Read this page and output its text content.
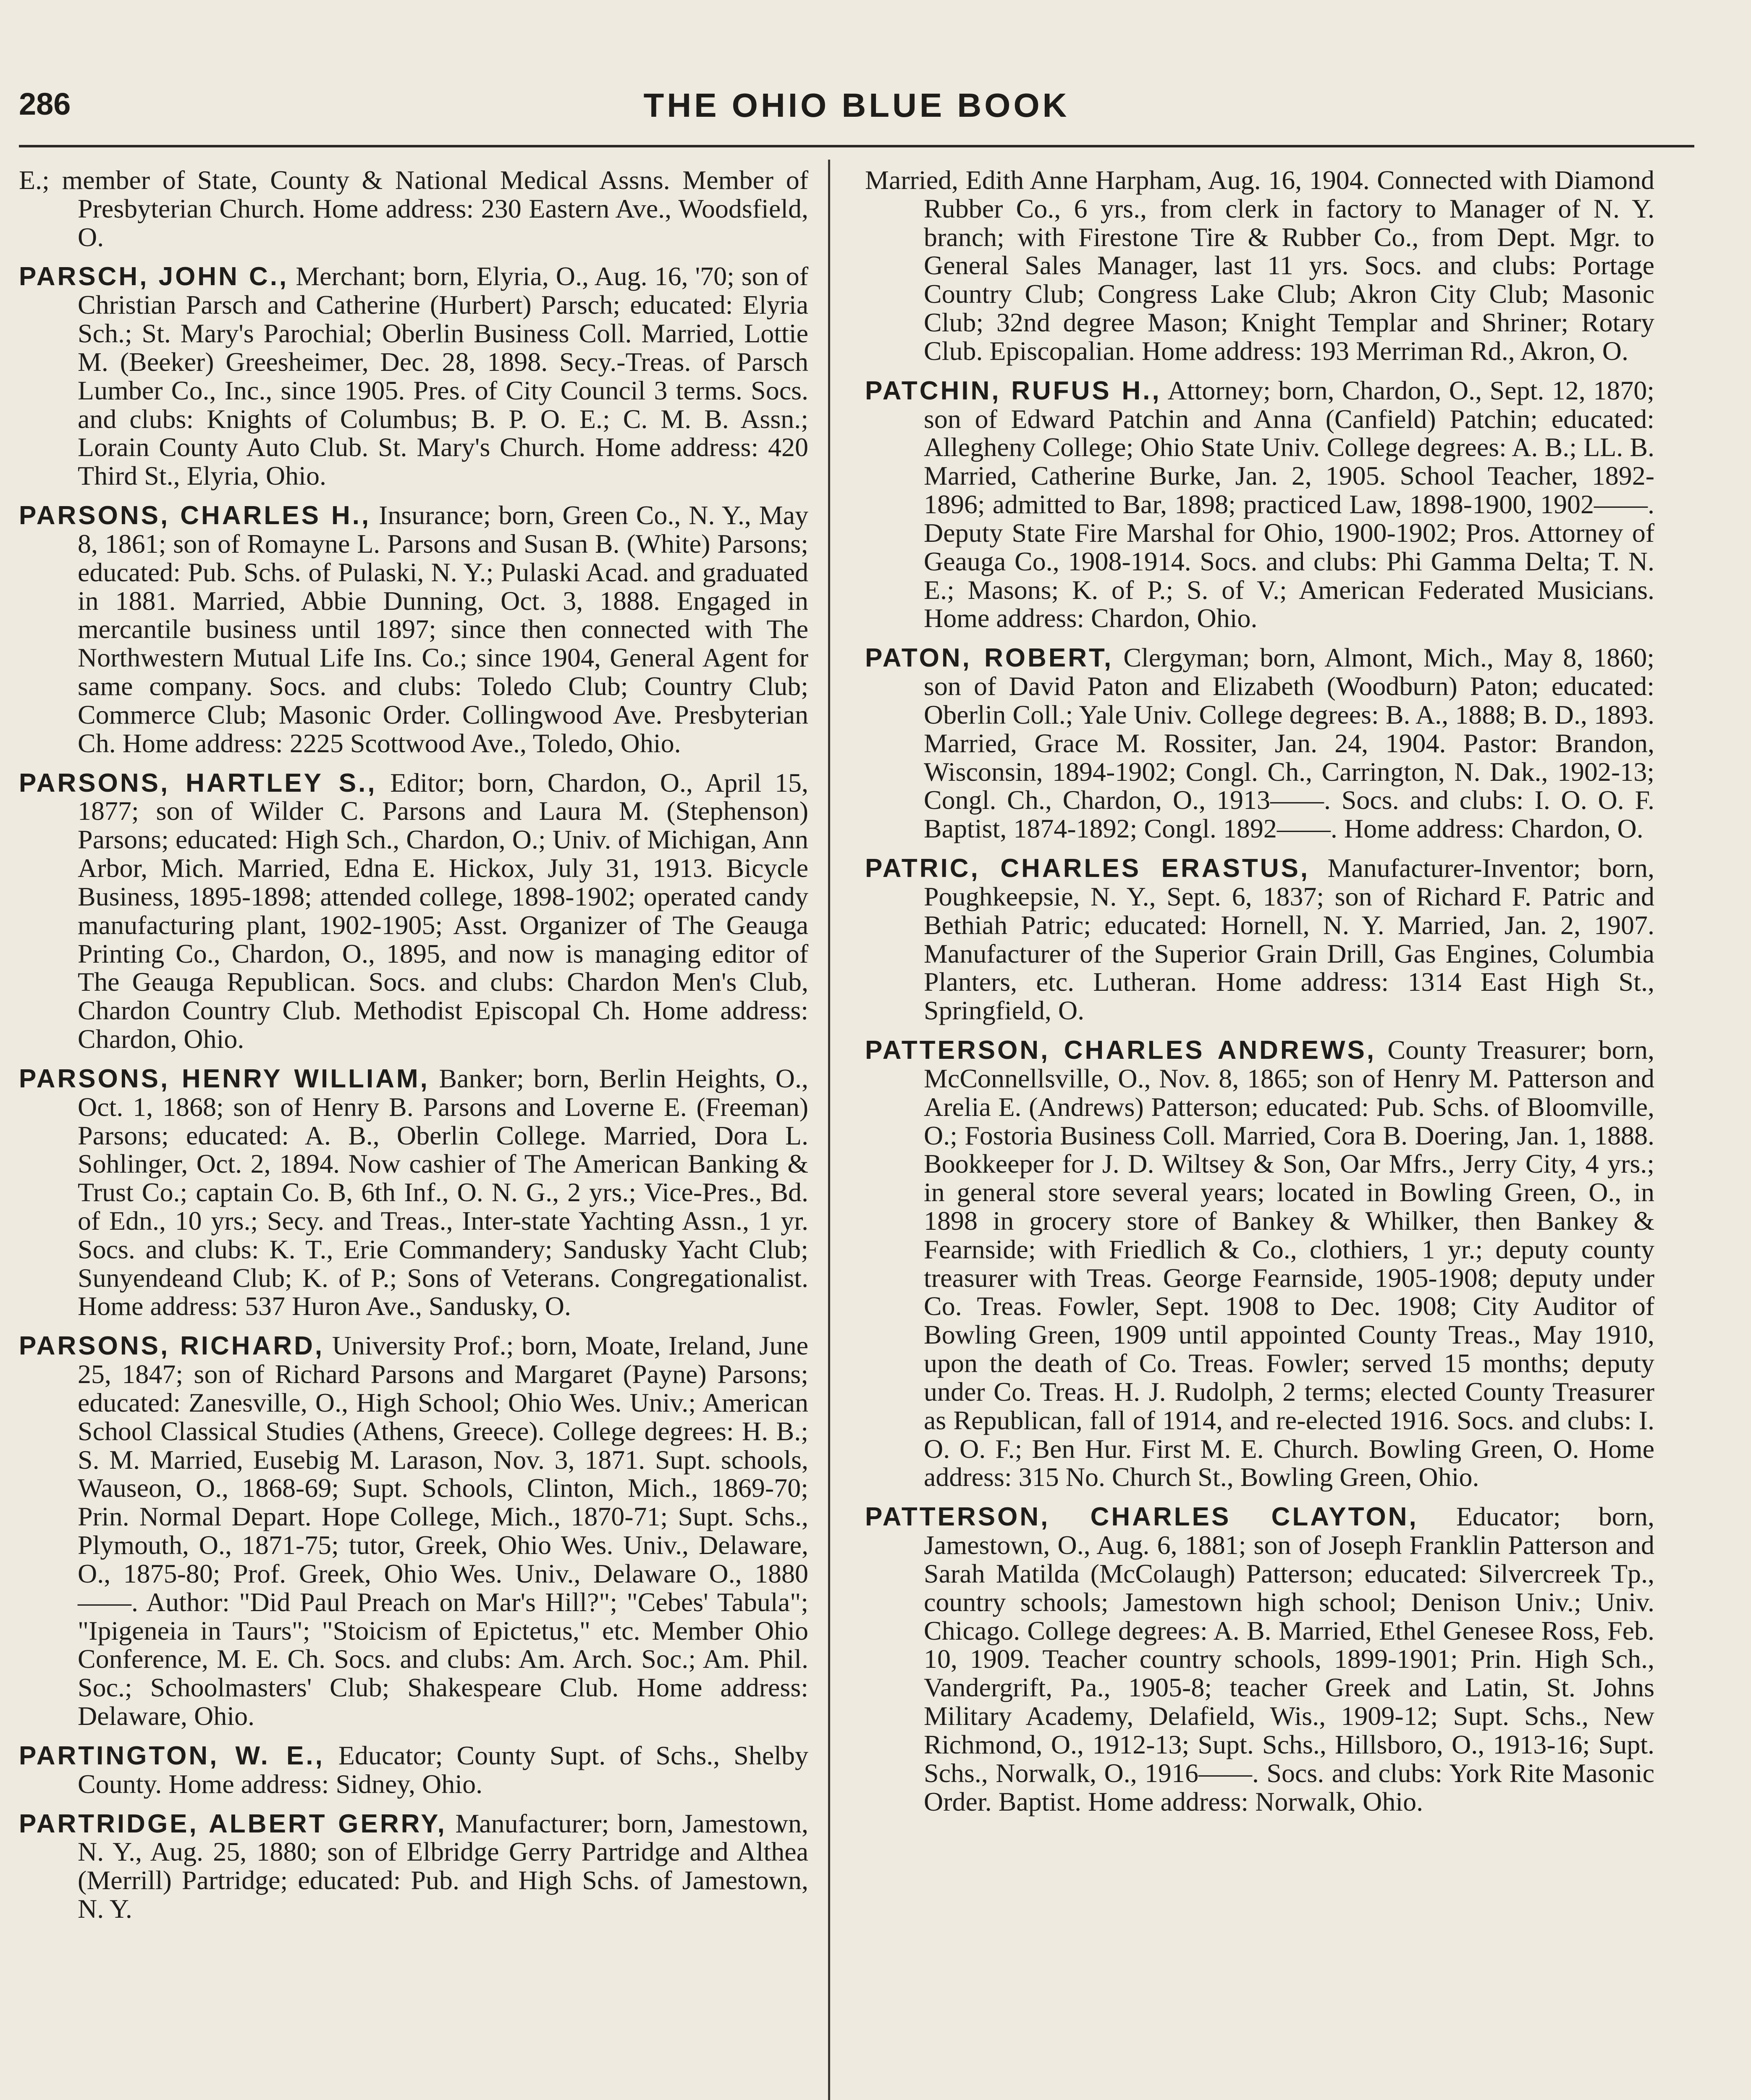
286	THE OHIO BLUE BOOK

E.; member of State, County & National Medical Assns. Member of Presbyterian Church. Home address: 230 Eastern Ave., Woodsfield, O.

PARSCH, JOHN C., Merchant; born, Elyria, O., Aug. 16, '70; son of Christian Parsch and Catherine (Hurbert) Parsch; educated: Elyria Sch.; St. Mary's Parochial; Oberlin Business Coll. Married, Lottie M. (Beeker) Greesheimer, Dec. 28, 1898. Secy.-Treas. of Parsch Lumber Co., Inc., since 1905. Pres. of City Council 3 terms. Socs. and clubs: Knights of Columbus; B. P. O. E.; C. M. B. Assn.; Lorain County Auto Club. St. Mary's Church. Home address: 420 Third St., Elyria, Ohio.

PARSONS, CHARLES H., Insurance; born, Green Co., N. Y., May 8, 1861; son of Romayne L. Parsons and Susan B. (White) Parsons; educated: Pub. Schs. of Pulaski, N. Y.; Pulaski Acad. and graduated in 1881. Married, Abbie Dunning, Oct. 3, 1888. Engaged in mercantile business until 1897; since then connected with The Northwestern Mutual Life Ins. Co.; since 1904, General Agent for same company. Socs. and clubs: Toledo Club; Country Club; Commerce Club; Masonic Order. Collingwood Ave. Presbyterian Ch. Home address: 2225 Scottwood Ave., Toledo, Ohio.

PARSONS, HARTLEY S., Editor; born, Chardon, O., April 15, 1877; son of Wilder C. Parsons and Laura M. (Stephenson) Parsons; educated: High Sch., Chardon, O.; Univ. of Michigan, Ann Arbor, Mich. Married, Edna E. Hickox, July 31, 1913. Bicycle Business, 1895-1898; attended college, 1898-1902; operated candy manufacturing plant, 1902-1905; Asst. Organizer of The Geauga Printing Co., Chardon, O., 1895, and now is managing editor of The Geauga Republican. Socs. and clubs: Chardon Men's Club, Chardon Country Club. Methodist Episcopal Ch. Home address: Chardon, Ohio.

PARSONS, HENRY WILLIAM, Banker; born, Berlin Heights, O., Oct. 1, 1868; son of Henry B. Parsons and Loverne E. (Freeman) Parsons; educated: A. B., Oberlin College. Married, Dora L. Sohlinger, Oct. 2, 1894. Now cashier of The American Banking & Trust Co.; captain Co. B, 6th Inf., O. N. G., 2 yrs.; Vice-Pres., Bd. of Edn., 10 yrs.; Secy. and Treas., Inter-state Yachting Assn., 1 yr. Socs. and clubs: K. T., Erie Commandery; Sandusky Yacht Club; Sunyendeand Club; K. of P.; Sons of Veterans. Congregationalist. Home address: 537 Huron Ave., Sandusky, O.

PARSONS, RICHARD, University Prof.; born, Moate, Ireland, June 25, 1847; son of Richard Parsons and Margaret (Payne) Parsons; educated: Zanesville, O., High School; Ohio Wes. Univ.; American School Classical Studies (Athens, Greece). College degrees: H. B.; S. M. Married, Eusebig M. Larason, Nov. 3, 1871. Supt. schools, Wauseon, O., 1868-69; Supt. Schools, Clinton, Mich., 1869-70; Prin. Normal Depart. Hope College, Mich., 1870-71; Supt. Schs., Plymouth, O., 1871-75; tutor, Greek, Ohio Wes. Univ., Delaware, O., 1875-80; Prof. Greek, Ohio Wes. Univ., Delaware O., 1880——. Author: "Did Paul Preach on Mar's Hill?"; "Cebes' Tabula"; "Ipigeneia in Taurs"; "Stoicism of Epictetus," etc. Member Ohio Conference, M. E. Ch. Socs. and clubs: Am. Arch. Soc.; Am. Phil. Soc.; Schoolmasters' Club; Shakespeare Club. Home address: Delaware, Ohio.

PARTINGTON, W. E., Educator; County Supt. of Schs., Shelby County. Home address: Sidney, Ohio.

PARTRIDGE, ALBERT GERRY, Manufacturer; born, Jamestown, N. Y., Aug. 25, 1880; son of Elbridge Gerry Partridge and Althea (Merrill) Partridge; educated: Pub. and High Schs. of Jamestown, N. Y.

Married, Edith Anne Harpham, Aug. 16, 1904. Connected with Diamond Rubber Co., 6 yrs., from clerk in factory to Manager of N. Y. branch; with Firestone Tire & Rubber Co., from Dept. Mgr. to General Sales Manager, last 11 yrs. Socs. and clubs: Portage Country Club; Congress Lake Club; Akron City Club; Masonic Club; 32nd degree Mason; Knight Templar and Shriner; Rotary Club. Episcopalian. Home address: 193 Merriman Rd., Akron, O.

PATCHIN, RUFUS H., Attorney; born, Chardon, O., Sept. 12, 1870; son of Edward Patchin and Anna (Canfield) Patchin; educated: Allegheny College; Ohio State Univ. College degrees: A. B.; LL. B. Married, Catherine Burke, Jan. 2, 1905. School Teacher, 1892-1896; admitted to Bar, 1898; practiced Law, 1898-1900, 1902——. Deputy State Fire Marshal for Ohio, 1900-1902; Pros. Attorney of Geauga Co., 1908-1914. Socs. and clubs: Phi Gamma Delta; T. N. E.; Masons; K. of P.; S. of V.; American Federated Musicians. Home address: Chardon, Ohio.

PATON, ROBERT, Clergyman; born, Almont, Mich., May 8, 1860; son of David Paton and Elizabeth (Woodburn) Paton; educated: Oberlin Coll.; Yale Univ. College degrees: B. A., 1888; B. D., 1893. Married, Grace M. Rossiter, Jan. 24, 1904. Pastor: Brandon, Wisconsin, 1894-1902; Congl. Ch., Carrington, N. Dak., 1902-13; Congl. Ch., Chardon, O., 1913——. Socs. and clubs: I. O. O. F. Baptist, 1874-1892; Congl. 1892——. Home address: Chardon, O.

PATRIC, CHARLES ERASTUS, Manufacturer-Inventor; born, Poughkeepsie, N. Y., Sept. 6, 1837; son of Richard F. Patric and Bethiah Patric; educated: Hornell, N. Y. Married, Jan. 2, 1907. Manufacturer of the Superior Grain Drill, Gas Engines, Columbia Planters, etc. Lutheran. Home address: 1314 East High St., Springfield, O.

PATTERSON, CHARLES ANDREWS, County Treasurer; born, McConnellsville, O., Nov. 8, 1865; son of Henry M. Patterson and Arelia E. (Andrews) Patterson; educated: Pub. Schs. of Bloomville, O.; Fostoria Business Coll. Married, Cora B. Doering, Jan. 1, 1888. Bookkeeper for J. D. Wiltsey & Son, Oar Mfrs., Jerry City, 4 yrs.; in general store several years; located in Bowling Green, O., in 1898 in grocery store of Bankey & Whilker, then Bankey & Fearnside; with Friedlich & Co., clothiers, 1 yr.; deputy county treasurer with Treas. George Fearnside, 1905-1908; deputy under Co. Treas. Fowler, Sept. 1908 to Dec. 1908; City Auditor of Bowling Green, 1909 until appointed County Treas., May 1910, upon the death of Co. Treas. Fowler; served 15 months; deputy under Co. Treas. H. J. Rudolph, 2 terms; elected County Treasurer as Republican, fall of 1914, and re-elected 1916. Socs. and clubs: I. O. O. F.; Ben Hur. First M. E. Church. Bowling Green, O. Home address: 315 No. Church St., Bowling Green, Ohio.

PATTERSON, CHARLES CLAYTON, Educator; born, Jamestown, O., Aug. 6, 1881; son of Joseph Franklin Patterson and Sarah Matilda (McColaugh) Patterson; educated: Silvercreek Tp., country schools; Jamestown high school; Denison Univ.; Univ. Chicago. College degrees: A. B. Married, Ethel Genesee Ross, Feb. 10, 1909. Teacher country schools, 1899-1901; Prin. High Sch., Vandergrift, Pa., 1905-8; teacher Greek and Latin, St. Johns Military Academy, Delafield, Wis., 1909-12; Supt. Schs., New Richmond, O., 1912-13; Supt. Schs., Hillsboro, O., 1913-16; Supt. Schs., Norwalk, O., 1916——. Socs. and clubs: York Rite Masonic Order. Baptist. Home address: Norwalk, Ohio.
